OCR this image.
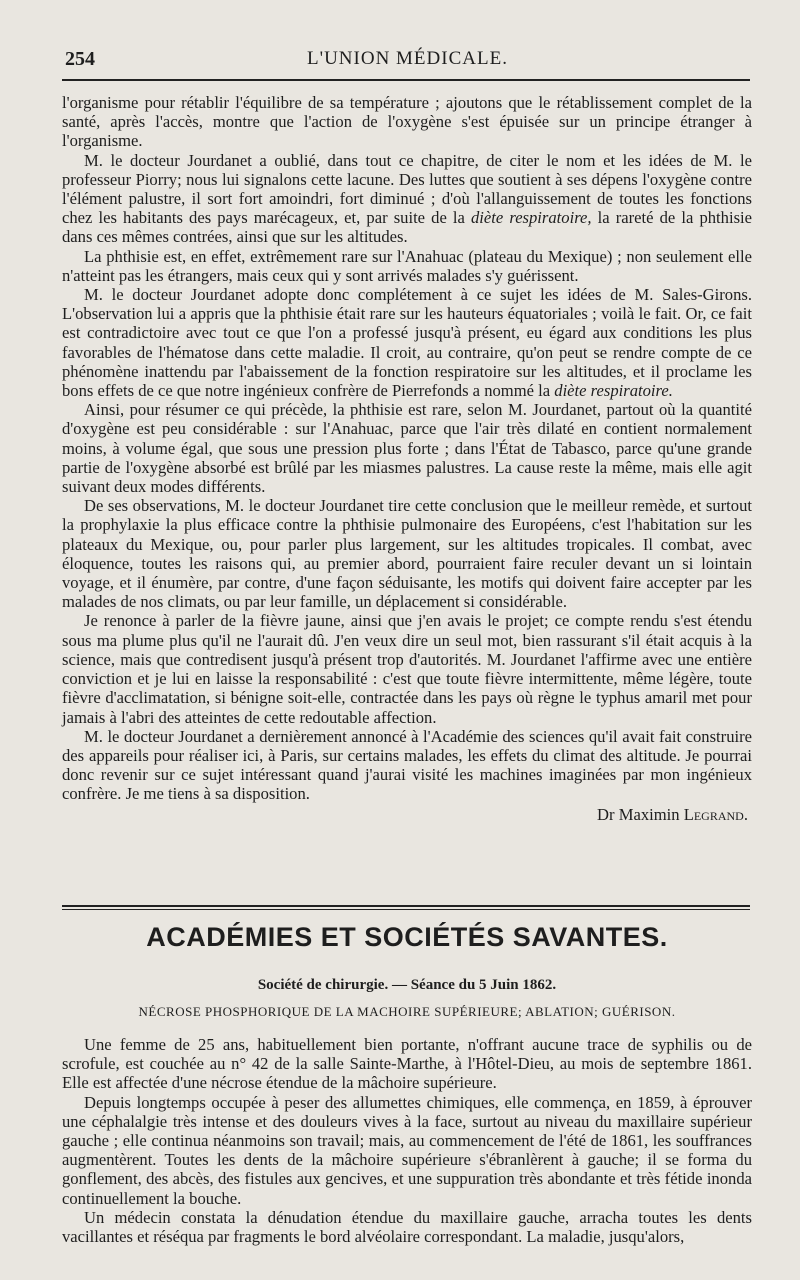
254	L'UNION MÉDICALE.

l'organisme pour rétablir l'équilibre de sa température ; ajoutons que le rétablissement complet de la santé, après l'accès, montre que l'action de l'oxygène s'est épuisée sur un principe étranger à l'organisme.

M. le docteur Jourdanet a oublié, dans tout ce chapitre, de citer le nom et les idées de M. le professeur Piorry; nous lui signalons cette lacune. Des luttes que soutient à ses dépens l'oxygène contre l'élément palustre, il sort fort amoindri, fort diminué ; d'où l'allanguissement de toutes les fonctions chez les habitants des pays marécageux, et, par suite de la diète respiratoire, la rareté de la phthisie dans ces mêmes contrées, ainsi que sur les altitudes.

La phthisie est, en effet, extrêmement rare sur l'Anahuac (plateau du Mexique) ; non seulement elle n'atteint pas les étrangers, mais ceux qui y sont arrivés malades s'y guérissent.

M. le docteur Jourdanet adopte donc complétement à ce sujet les idées de M. Sales-Girons. L'observation lui a appris que la phthisie était rare sur les hauteurs équatoriales ; voilà le fait. Or, ce fait est contradictoire avec tout ce que l'on a professé jusqu'à présent, eu égard aux conditions les plus favorables de l'hématose dans cette maladie. Il croit, au contraire, qu'on peut se rendre compte de ce phénomène inattendu par l'abaissement de la fonction respiratoire sur les altitudes, et il proclame les bons effets de ce que notre ingénieux confrère de Pierrefonds a nommé la diète respiratoire.

Ainsi, pour résumer ce qui précède, la phthisie est rare, selon M. Jourdanet, partout où la quantité d'oxygène est peu considérable : sur l'Anahuac, parce que l'air très dilaté en contient normalement moins, à volume égal, que sous une pression plus forte ; dans l'État de Tabasco, parce qu'une grande partie de l'oxygène absorbé est brûlé par les miasmes palustres. La cause reste la même, mais elle agit suivant deux modes différents.

De ses observations, M. le docteur Jourdanet tire cette conclusion que le meilleur remède, et surtout la prophylaxie la plus efficace contre la phthisie pulmonaire des Européens, c'est l'habitation sur les plateaux du Mexique, ou, pour parler plus largement, sur les altitudes tropicales. Il combat, avec éloquence, toutes les raisons qui, au premier abord, pourraient faire reculer devant un si lointain voyage, et il énumère, par contre, d'une façon séduisante, les motifs qui doivent faire accepter par les malades de nos climats, ou par leur famille, un déplacement si considérable.

Je renonce à parler de la fièvre jaune, ainsi que j'en avais le projet; ce compte rendu s'est étendu sous ma plume plus qu'il ne l'aurait dû. J'en veux dire un seul mot, bien rassurant s'il était acquis à la science, mais que contredisent jusqu'à présent trop d'autorités. M. Jourdanet l'affirme avec une entière conviction et je lui en laisse la responsabilité : c'est que toute fièvre intermittente, même légère, toute fièvre d'acclimatation, si bénigne soit-elle, contractée dans les pays où règne le typhus amaril met pour jamais à l'abri des atteintes de cette redoutable affection.

M. le docteur Jourdanet a dernièrement annoncé à l'Académie des sciences qu'il avait fait construire des appareils pour réaliser ici, à Paris, sur certains malades, les effets du climat des altitude. Je pourrai donc revenir sur ce sujet intéressant quand j'aurai visité les machines imaginées par mon ingénieux confrère. Je me tiens à sa disposition.

Dr Maximin Legrand.
ACADÉMIES ET SOCIÉTÉS SAVANTES.
Société de chirurgie. — Séance du 5 Juin 1862.
NÉCROSE PHOSPHORIQUE DE LA MACHOIRE SUPÉRIEURE; ABLATION; GUÉRISON.

Une femme de 25 ans, habituellement bien portante, n'offrant aucune trace de syphilis ou de scrofule, est couchée au n° 42 de la salle Sainte-Marthe, à l'Hôtel-Dieu, au mois de septembre 1861. Elle est affectée d'une nécrose étendue de la mâchoire supérieure.

Depuis longtemps occupée à peser des allumettes chimiques, elle commença, en 1859, à éprouver une céphalalgie très intense et des douleurs vives à la face, surtout au niveau du maxillaire supérieur gauche ; elle continua néanmoins son travail; mais, au commencement de l'été de 1861, les souffrances augmentèrent. Toutes les dents de la mâchoire supérieure s'ébranlèrent à gauche; il se forma du gonflement, des abcès, des fistules aux gencives, et une suppuration très abondante et très fétide inonda continuellement la bouche.

Un médecin constata la dénudation étendue du maxillaire gauche, arracha toutes les dents vacillantes et réséqua par fragments le bord alvéolaire correspondant. La maladie, jusqu'alors,
